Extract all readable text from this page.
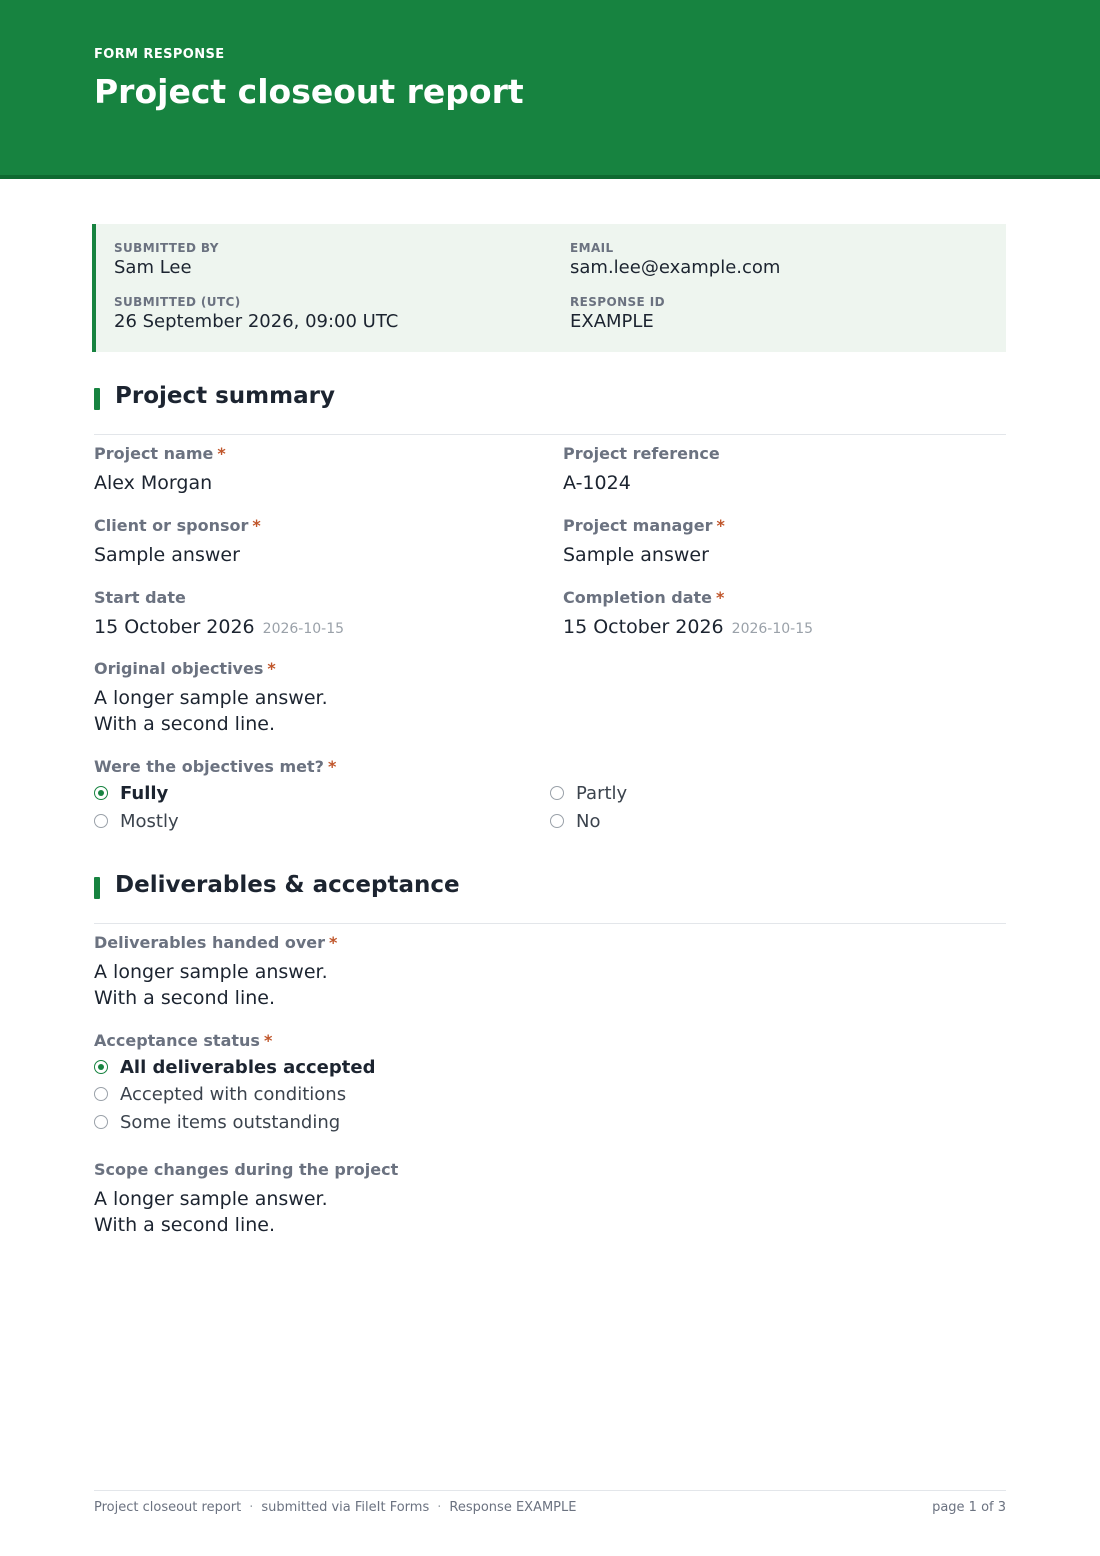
FORM RESPONSE
Project closeout report
SUBMITTED BY
Sam Lee
EMAIL
sam.lee@example.com
SUBMITTED (UTC)
26 September 2026, 09:00 UTC
RESPONSE ID
EXAMPLE
Project summary
Project name *
Alex Morgan
Project reference
A-1024
Client or sponsor *
Sample answer
Project manager *
Sample answer
Start date
15 October 2026 2026-10-15
Completion date *
15 October 2026 2026-10-15
Original objectives *
A longer sample answer.
With a second line.
Were the objectives met? *
Fully	Partly
Mostly	No
Deliverables & acceptance
Deliverables handed over *
A longer sample answer.
With a second line.
Acceptance status *
All deliverables accepted
Accepted with conditions
Some items outstanding
Scope changes during the project
A longer sample answer.
With a second line.
Project closeout report · submitted via FileIt Forms · Response EXAMPLE	page 1 of 3
